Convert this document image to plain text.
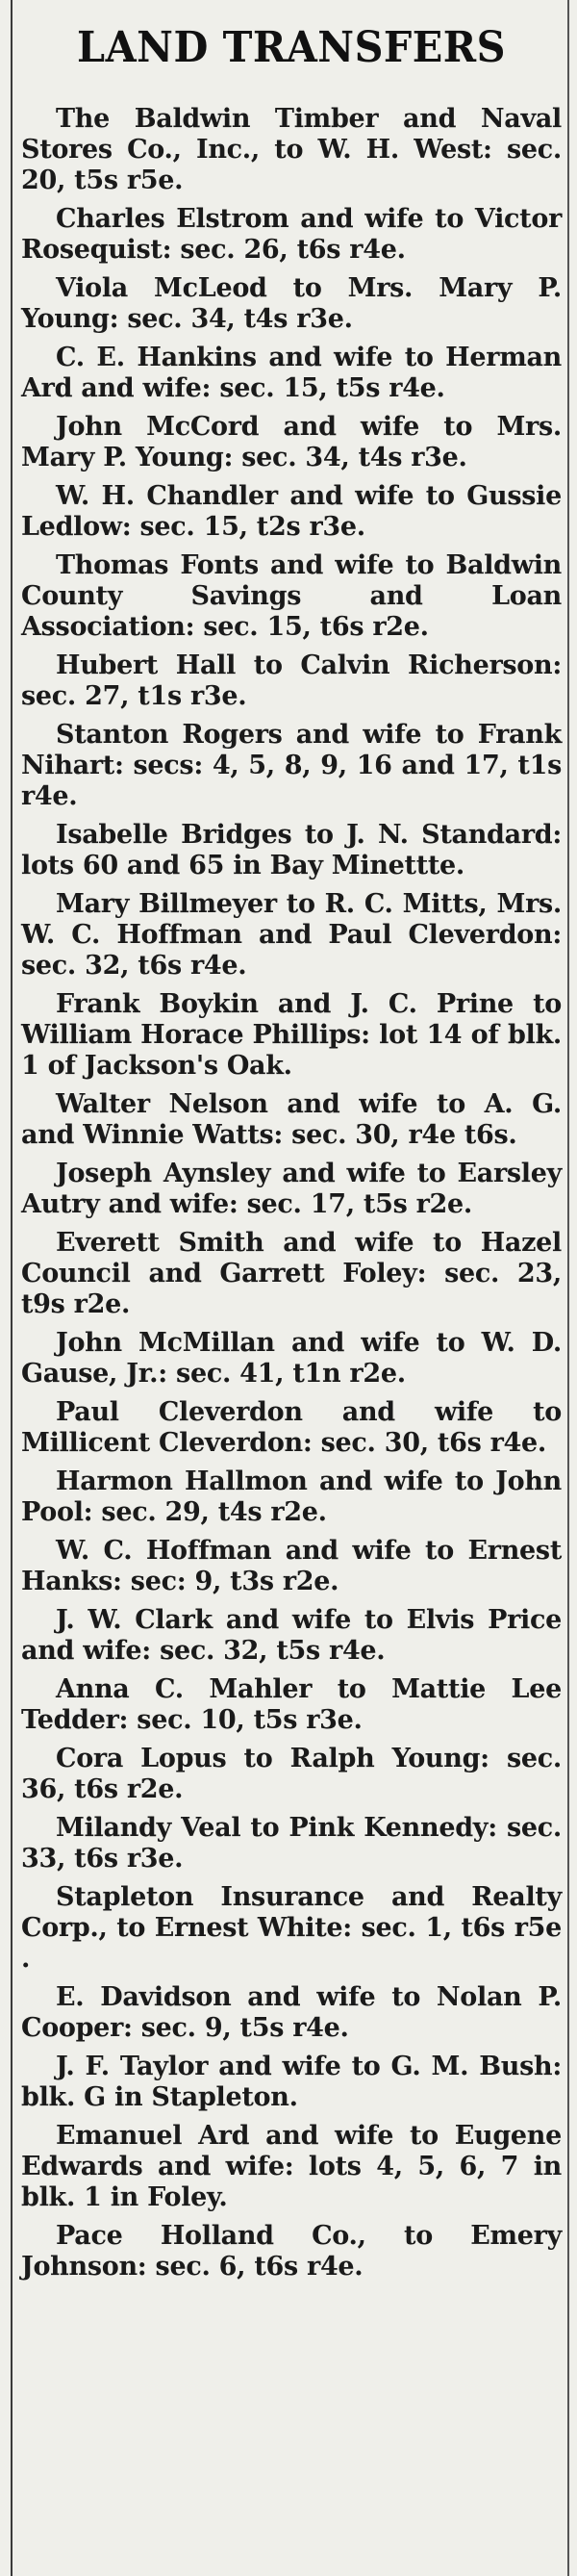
LAND TRANSFERS

The Baldwin Timber and Naval Stores Co., Inc., to W. H. West: sec. 20, t5s r5e.

Charles Elstrom and wife to Victor Rosequist: sec. 26, t6s r4e.

Viola McLeod to Mrs. Mary P. Young: sec. 34, t4s r3e.

C. E. Hankins and wife to Herman Ard and wife: sec. 15, t5s r4e.

John McCord and wife to Mrs. Mary P. Young: sec. 34, t4s r3e.

W. H. Chandler and wife to Gussie Ledlow: sec. 15, t2s r3e.

Thomas Fonts and wife to Baldwin County Savings and Loan Association: sec. 15, t6s r2e.

Hubert Hall to Calvin Richerson: sec. 27, t1s r3e.

Stanton Rogers and wife to Frank Nihart: secs: 4, 5, 8, 9, 16 and 17, t1s r4e.

Isabelle Bridges to J. N. Standard: lots 60 and 65 in Bay Minettte.

Mary Billmeyer to R. C. Mitts, Mrs. W. C. Hoffman and Paul Cleverdon: sec. 32, t6s r4e.

Frank Boykin and J. C. Prine to William Horace Phillips: lot 14 of blk. 1 of Jackson's Oak.

Walter Nelson and wife to A. G. and Winnie Watts: sec. 30, r4e t6s.

Joseph Aynsley and wife to Earsley Autry and wife: sec. 17, t5s r2e.

Everett Smith and wife to Hazel Council and Garrett Foley: sec. 23, t9s r2e.

John McMillan and wife to W. D. Gause, Jr.: sec. 41, t1n r2e.

Paul Cleverdon and wife to Millicent Cleverdon: sec. 30, t6s r4e.

Harmon Hallmon and wife to John Pool: sec. 29, t4s r2e.

W. C. Hoffman and wife to Ernest Hanks: sec: 9, t3s r2e.

J. W. Clark and wife to Elvis Price and wife: sec. 32, t5s r4e.

Anna C. Mahler to Mattie Lee Tedder: sec. 10, t5s r3e.

Cora Lopus to Ralph Young: sec. 36, t6s r2e.

Milandy Veal to Pink Kennedy: sec. 33, t6s r3e.

Stapleton Insurance and Realty Corp., to Ernest White: sec. 1, t6s r5e .

E. Davidson and wife to Nolan P. Cooper: sec. 9, t5s r4e.

J. F. Taylor and wife to G. M. Bush: blk. G in Stapleton.

Emanuel Ard and wife to Eugene Edwards and wife: lots 4, 5, 6, 7 in blk. 1 in Foley.

Pace Holland Co., to Emery Johnson: sec. 6, t6s r4e.
